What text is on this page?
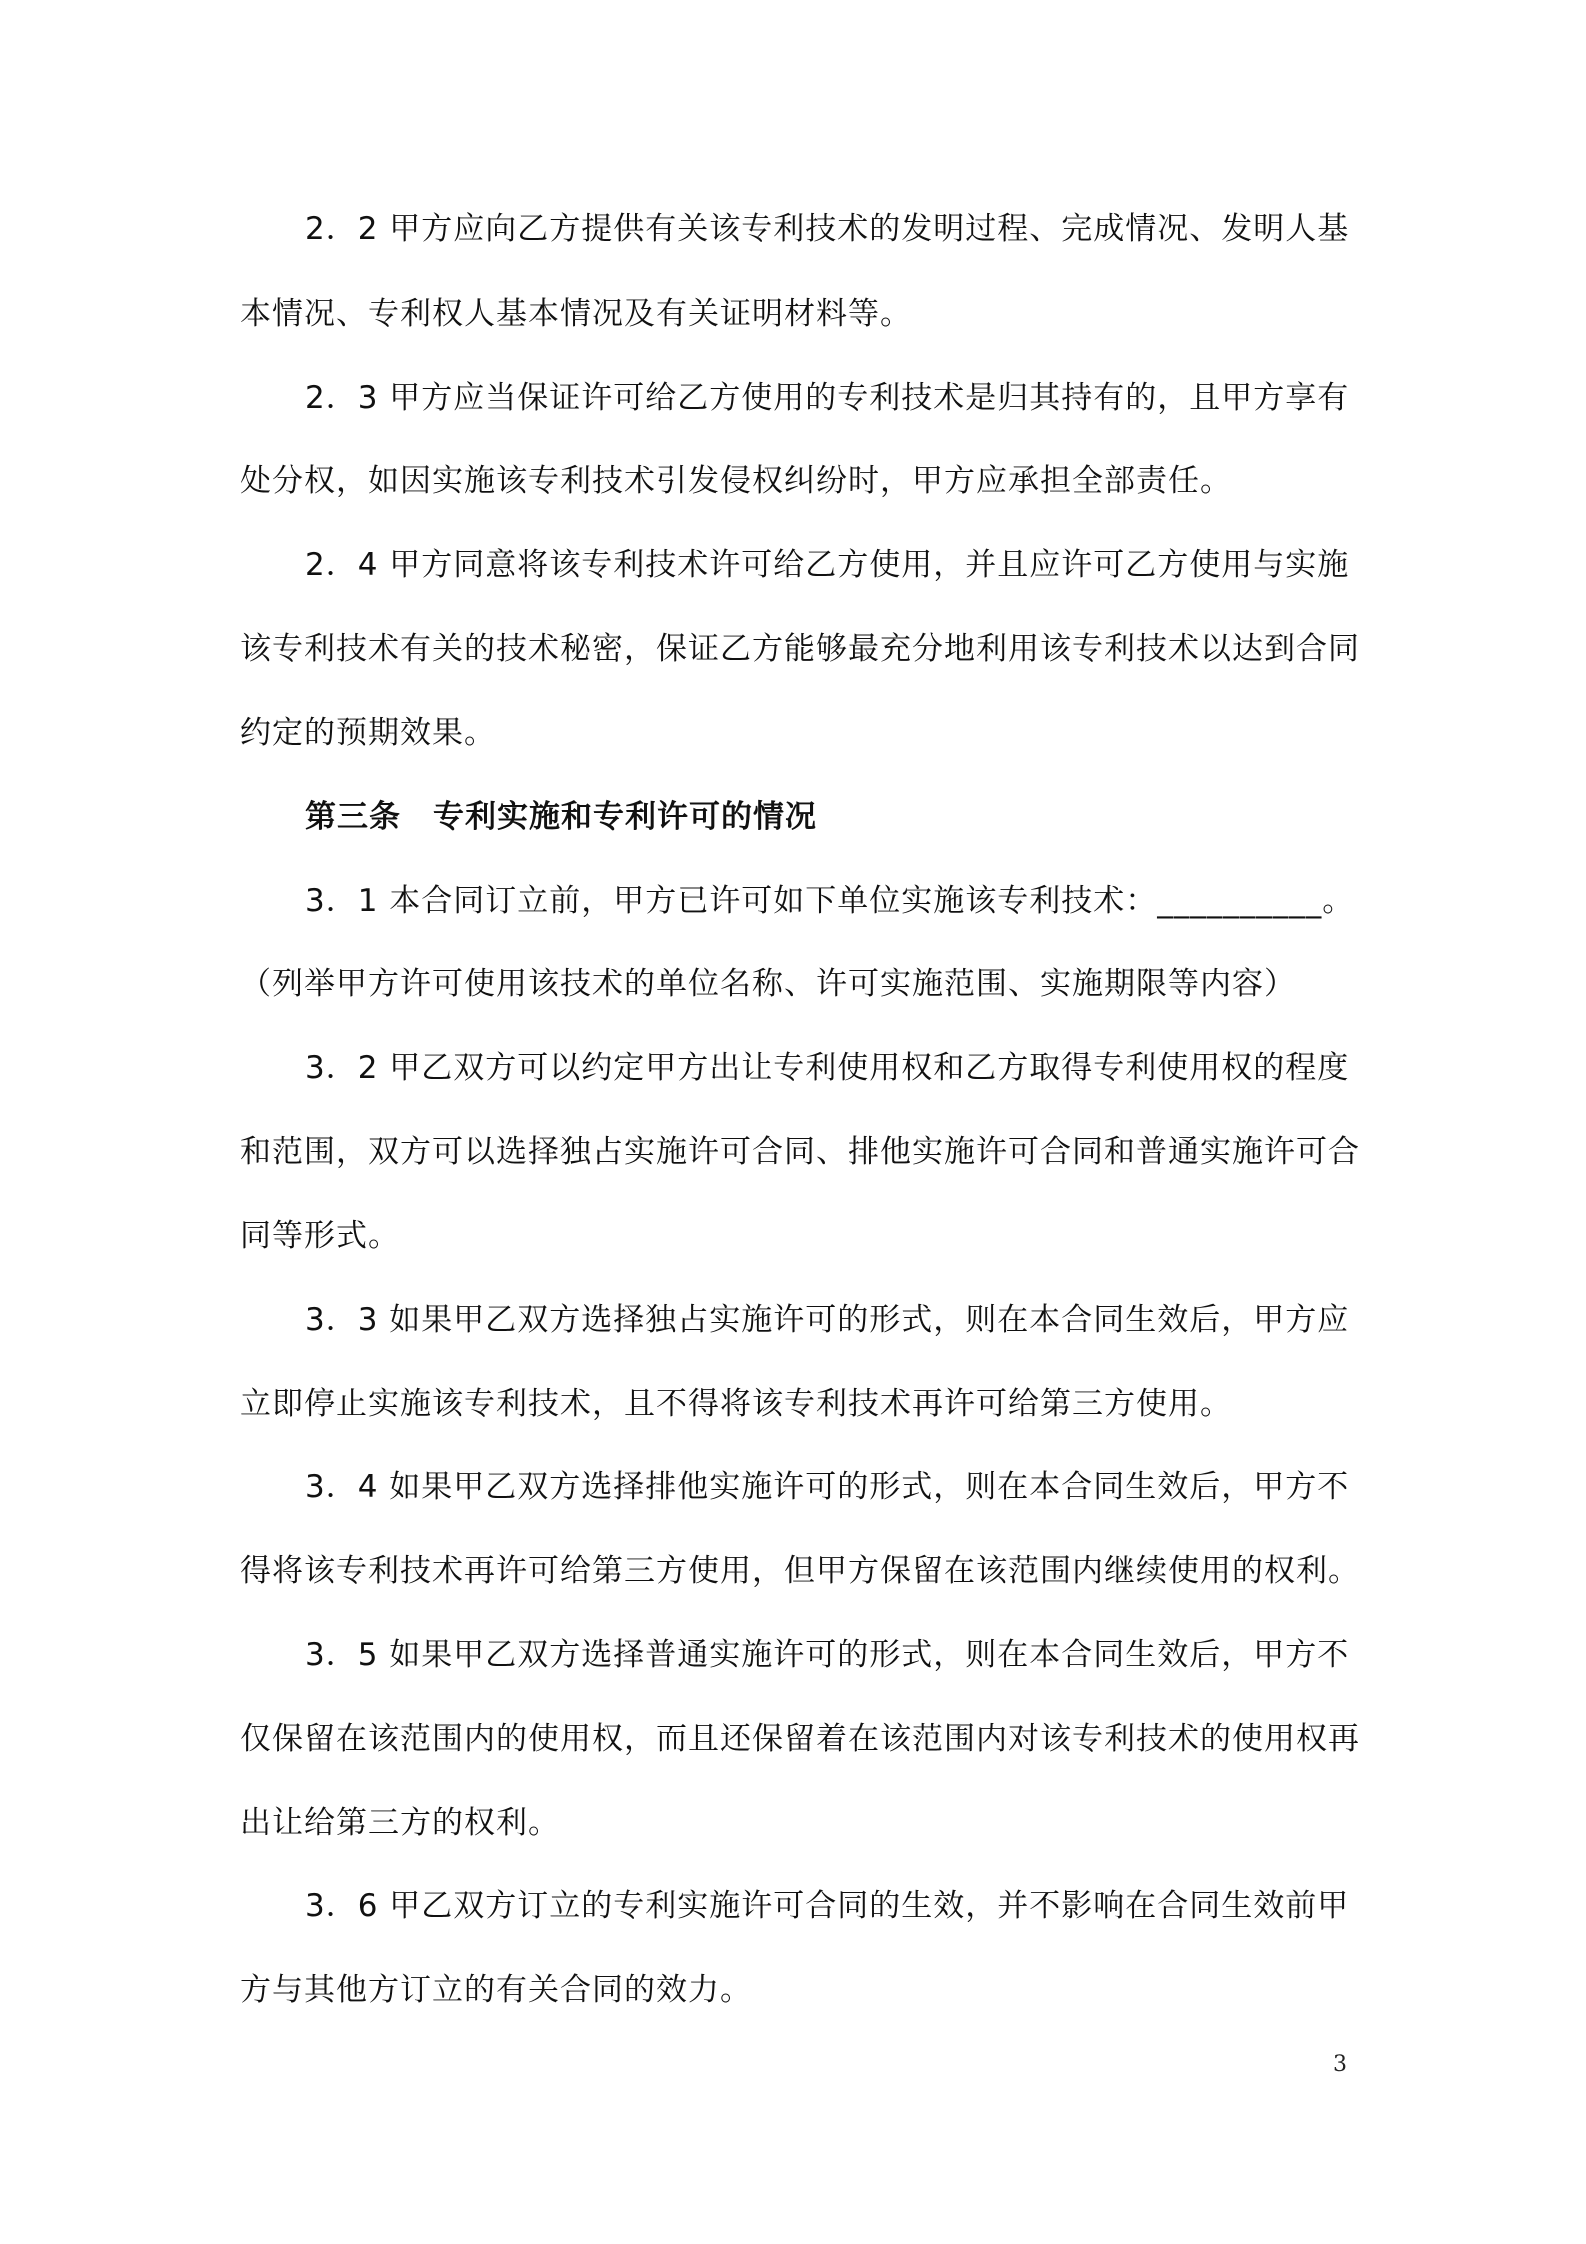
2．2 甲方应向乙方提供有关该专利技术的发明过程、完成情况、发明人基
本情况、专利权人基本情况及有关证明材料等。
2．3 甲方应当保证许可给乙方使用的专利技术是归其持有的，且甲方享有
处分权，如因实施该专利技术引发侵权纠纷时，甲方应承担全部责任。
2．4 甲方同意将该专利技术许可给乙方使用，并且应许可乙方使用与实施
该专利技术有关的技术秘密，保证乙方能够最充分地利用该专利技术以达到合同
约定的预期效果。
第三条　专利实施和专利许可的情况
3．1 本合同订立前，甲方已许可如下单位实施该专利技术：__________。
（列举甲方许可使用该技术的单位名称、许可实施范围、实施期限等内容）
3．2 甲乙双方可以约定甲方出让专利使用权和乙方取得专利使用权的程度
和范围，双方可以选择独占实施许可合同、排他实施许可合同和普通实施许可合
同等形式。
3．3 如果甲乙双方选择独占实施许可的形式，则在本合同生效后，甲方应
立即停止实施该专利技术，且不得将该专利技术再许可给第三方使用。
3．4 如果甲乙双方选择排他实施许可的形式，则在本合同生效后，甲方不
得将该专利技术再许可给第三方使用，但甲方保留在该范围内继续使用的权利。
3．5 如果甲乙双方选择普通实施许可的形式，则在本合同生效后，甲方不
仅保留在该范围内的使用权，而且还保留着在该范围内对该专利技术的使用权再
出让给第三方的权利。
3．6 甲乙双方订立的专利实施许可合同的生效，并不影响在合同生效前甲
方与其他方订立的有关合同的效力。
3
